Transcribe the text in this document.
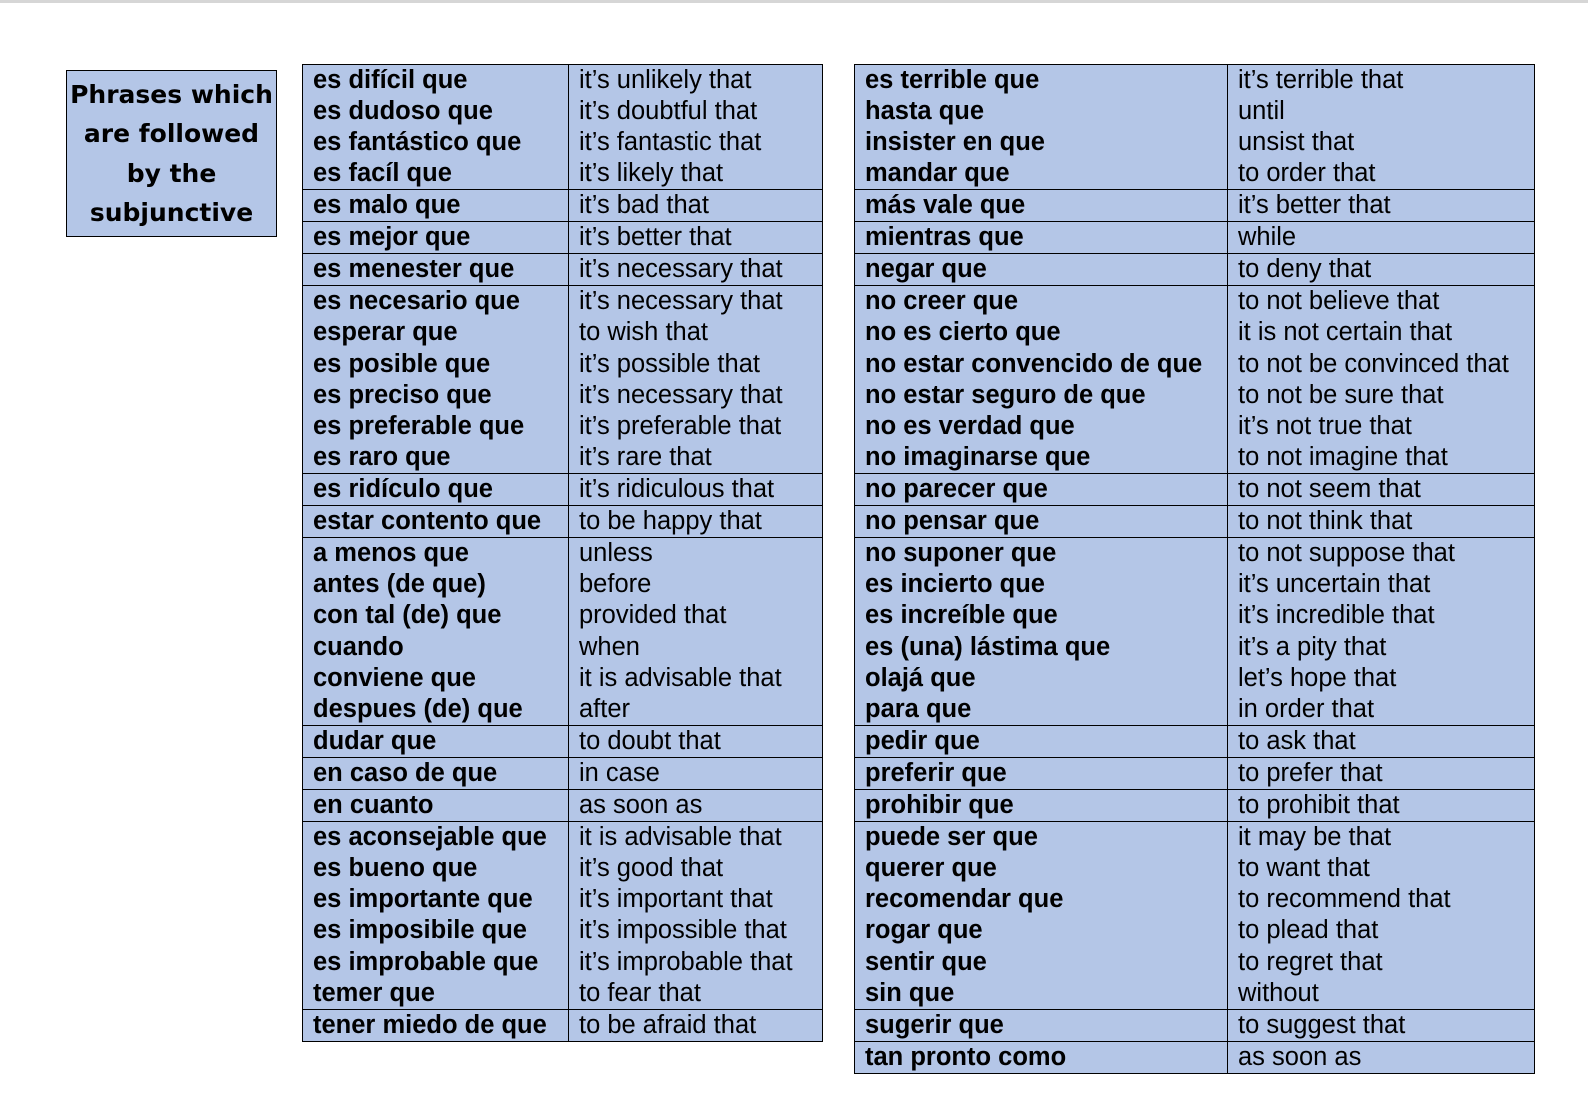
Phrases which are followed by the subjunctive
es difícil que	it’s unlikely that
es dudoso que	it’s doubtful that
es fantástico que	it’s fantastic that
es facíl que	it’s likely that
es malo que	it’s bad that
es mejor que	it’s better that
es menester que	it’s necessary that
es necesario que	it’s necessary that
esperar que	to wish that
es posible que	it’s possible that
es preciso que	it’s necessary that
es preferable que	it’s preferable that
es raro que	it’s rare that
es ridículo que	it’s ridiculous that
estar contento que	to be happy that
a menos que	unless
antes (de que)	before
con tal (de) que	provided that
cuando	when
conviene que	it is advisable that
despues (de) que	after
dudar que	to doubt that
en caso de que	in case
en cuanto	as soon as
es aconsejable que	it is advisable that
es bueno que	it’s good that
es importante que	it’s important that
es imposibile que	it’s impossible that
es improbable que	it’s improbable that
temer que	to fear that
tener miedo de que	to be afraid that
es terrible que	it’s terrible that
hasta que	until
insister en que	unsist that
mandar que	to order that
más vale que	it’s better that
mientras que	while
negar que	to deny that
no creer que	to not believe that
no es cierto que	it is not certain that
no estar convencido de que	to not be convinced that
no estar seguro de que	to not be sure that
no es verdad que	it’s not true that
no imaginarse que	to not imagine that
no parecer que	to not seem that
no pensar que	to not think that
no suponer que	to not suppose that
es incierto que	it’s uncertain that
es increíble que	it’s incredible that
es (una) lástima que	it’s a pity that
olajá que	let’s hope that
para que	in order that
pedir que	to ask that
preferir que	to prefer that
prohibir que	to prohibit that
puede ser que	it may be that
querer que	to want that
recomendar que	to recommend that
rogar que	to plead that
sentir que	to regret that
sin que	without
sugerir que	to suggest that
tan pronto como	as soon as
